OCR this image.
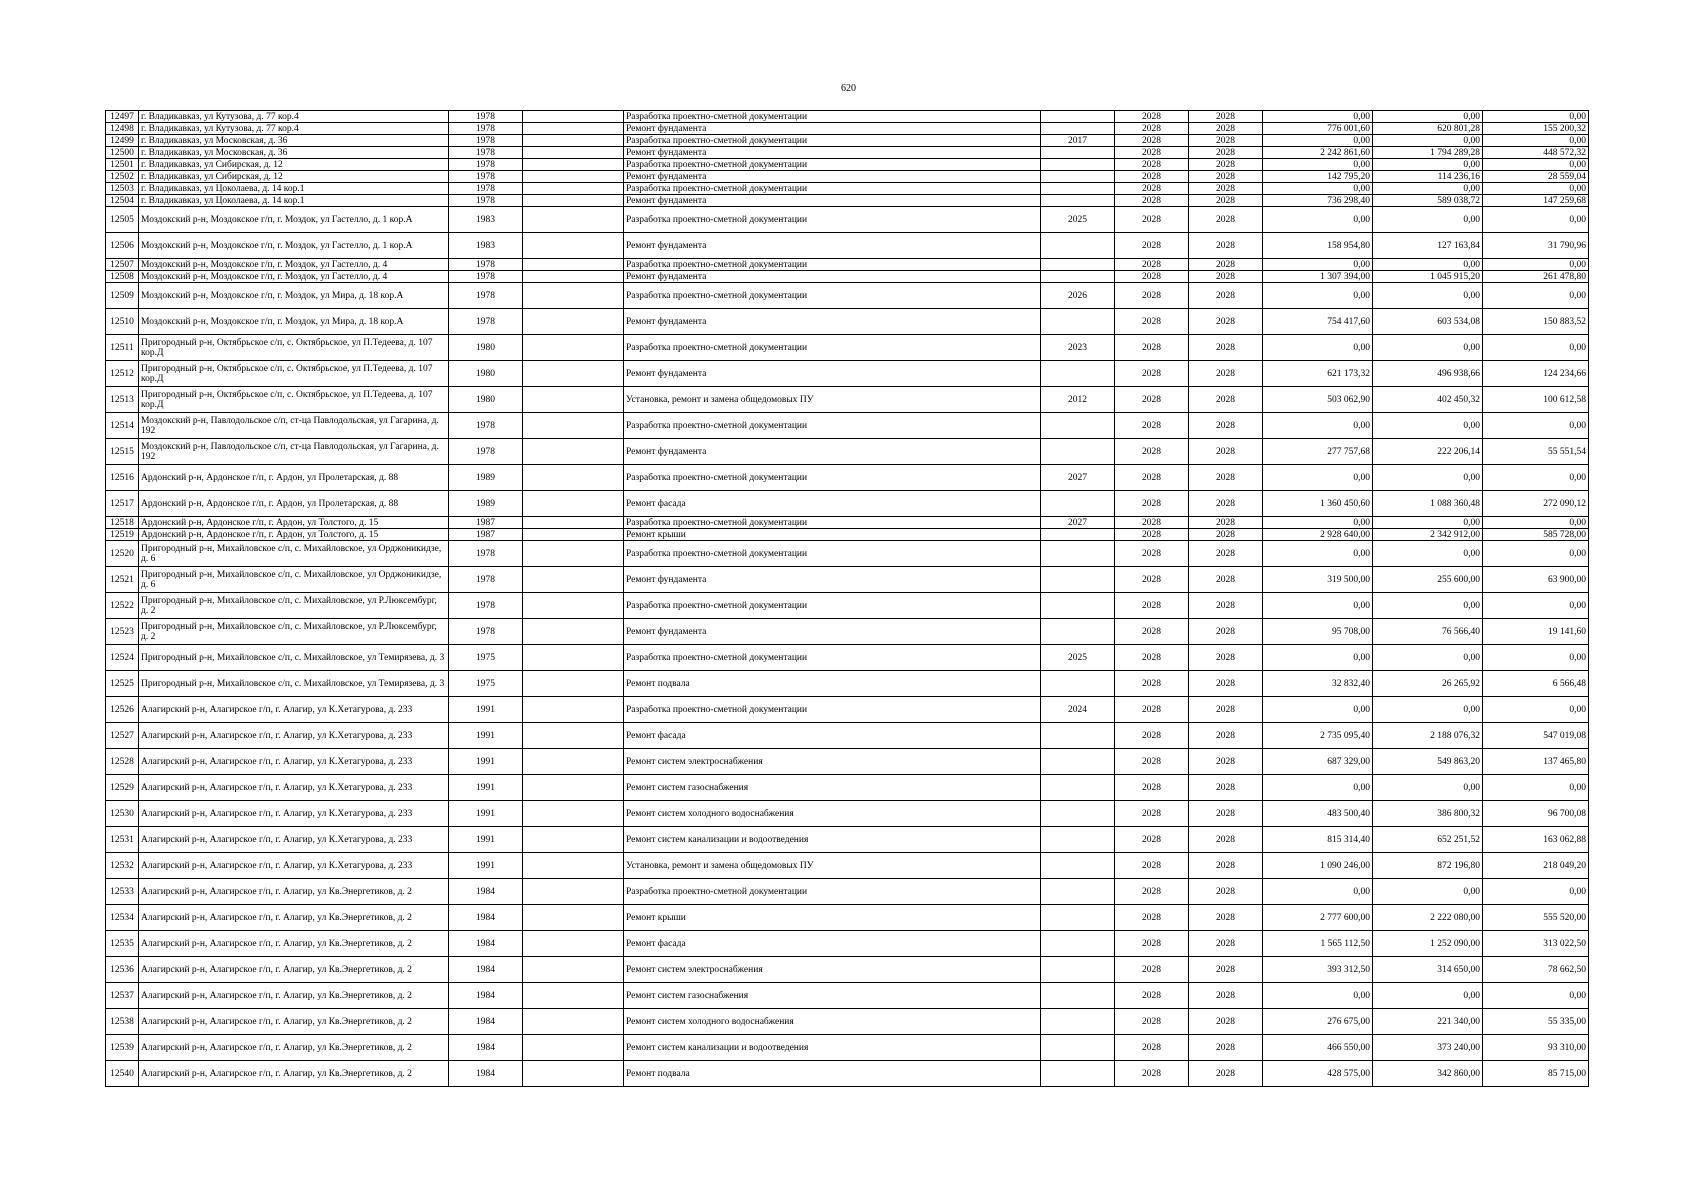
620
12497	г. Владикавказ, ул Кутузова, д. 77 кор.4	1978		Разработка проектно-сметной документации		2028	2028	0,00	0,00	0,00
12498	г. Владикавказ, ул Кутузова, д. 77 кор.4	1978		Ремонт фундамента		2028	2028	776 001,60	620 801,28	155 200,32
12499	г. Владикавказ, ул Московская, д. 36	1978		Разработка проектно-сметной документации	2017	2028	2028	0,00	0,00	0,00
12500	г. Владикавказ, ул Московская, д. 36	1978		Ремонт фундамента		2028	2028	2 242 861,60	1 794 289,28	448 572,32
12501	г. Владикавказ, ул Сибирская, д. 12	1978		Разработка проектно-сметной документации		2028	2028	0,00	0,00	0,00
12502	г. Владикавказ, ул Сибирская, д. 12	1978		Ремонт фундамента		2028	2028	142 795,20	114 236,16	28 559,04
12503	г. Владикавказ, ул Цоколаева, д. 14 кор.1	1978		Разработка проектно-сметной документации		2028	2028	0,00	0,00	0,00
12504	г. Владикавказ, ул Цоколаева, д. 14 кор.1	1978		Ремонт фундамента		2028	2028	736 298,40	589 038,72	147 259,68
12505	Моздокский р-н, Моздокское г/п, г. Моздок, ул Гастелло, д. 1 кор.А	1983		Разработка проектно-сметной документации	2025	2028	2028	0,00	0,00	0,00
12506	Моздокский р-н, Моздокское г/п, г. Моздок, ул Гастелло, д. 1 кор.А	1983		Ремонт фундамента		2028	2028	158 954,80	127 163,84	31 790,96
12507	Моздокский р-н, Моздокское г/п, г. Моздок, ул Гастелло, д. 4	1978		Разработка проектно-сметной документации		2028	2028	0,00	0,00	0,00
12508	Моздокский р-н, Моздокское г/п, г. Моздок, ул Гастелло, д. 4	1978		Ремонт фундамента		2028	2028	1 307 394,00	1 045 915,20	261 478,80
12509	Моздокский р-н, Моздокское г/п, г. Моздок, ул Мира, д. 18 кор.А	1978		Разработка проектно-сметной документации	2026	2028	2028	0,00	0,00	0,00
12510	Моздокский р-н, Моздокское г/п, г. Моздок, ул Мира, д. 18 кор.А	1978		Ремонт фундамента		2028	2028	754 417,60	603 534,08	150 883,52
12511	Пригородный р-н, Октябрьское с/п, с. Октябрьское, ул П.Тедеева, д. 107 кор.Д	1980		Разработка проектно-сметной документации	2023	2028	2028	0,00	0,00	0,00
12512	Пригородный р-н, Октябрьское с/п, с. Октябрьское, ул П.Тедеева, д. 107 кор.Д	1980		Ремонт фундамента		2028	2028	621 173,32	496 938,66	124 234,66
12513	Пригородный р-н, Октябрьское с/п, с. Октябрьское, ул П.Тедеева, д. 107 кор.Д	1980		Установка, ремонт и замена общедомовых ПУ	2012	2028	2028	503 062,90	402 450,32	100 612,58
12514	Моздокский р-н, Павлодольское с/п, ст-ца Павлодольская, ул Гагарина, д. 192	1978		Разработка проектно-сметной документации		2028	2028	0,00	0,00	0,00
12515	Моздокский р-н, Павлодольское с/п, ст-ца Павлодольская, ул Гагарина, д. 192	1978		Ремонт фундамента		2028	2028	277 757,68	222 206,14	55 551,54
12516	Ардонский р-н, Ардонское г/п, г. Ардон, ул Пролетарская, д. 88	1989		Разработка проектно-сметной документации	2027	2028	2028	0,00	0,00	0,00
12517	Ардонский р-н, Ардонское г/п, г. Ардон, ул Пролетарская, д. 88	1989		Ремонт фасада		2028	2028	1 360 450,60	1 088 360,48	272 090,12
12518	Ардонский р-н, Ардонское г/п, г. Ардон, ул Толстого, д. 15	1987		Разработка проектно-сметной документации	2027	2028	2028	0,00	0,00	0,00
12519	Ардонский р-н, Ардонское г/п, г. Ардон, ул Толстого, д. 15	1987		Ремонт крыши		2028	2028	2 928 640,00	2 342 912,00	585 728,00
12520	Пригородный р-н, Михайловское с/п, с. Михайловское, ул Орджоникидзе, д. 6	1978		Разработка проектно-сметной документации		2028	2028	0,00	0,00	0,00
12521	Пригородный р-н, Михайловское с/п, с. Михайловское, ул Орджоникидзе, д. 6	1978		Ремонт фундамента		2028	2028	319 500,00	255 600,00	63 900,00
12522	Пригородный р-н, Михайловское с/п, с. Михайловское, ул Р.Люксембург, д. 2	1978		Разработка проектно-сметной документации		2028	2028	0,00	0,00	0,00
12523	Пригородный р-н, Михайловское с/п, с. Михайловское, ул Р.Люксембург, д. 2	1978		Ремонт фундамента		2028	2028	95 708,00	76 566,40	19 141,60
12524	Пригородный р-н, Михайловское с/п, с. Михайловское, ул Темирязева, д. 3	1975		Разработка проектно-сметной документации	2025	2028	2028	0,00	0,00	0,00
12525	Пригородный р-н, Михайловское с/п, с. Михайловское, ул Темирязева, д. 3	1975		Ремонт подвала		2028	2028	32 832,40	26 265,92	6 566,48
12526	Алагирский р-н, Алагирское г/п, г. Алагир, ул К.Хетагурова, д. 233	1991		Разработка проектно-сметной документации	2024	2028	2028	0,00	0,00	0,00
12527	Алагирский р-н, Алагирское г/п, г. Алагир, ул К.Хетагурова, д. 233	1991		Ремонт фасада		2028	2028	2 735 095,40	2 188 076,32	547 019,08
12528	Алагирский р-н, Алагирское г/п, г. Алагир, ул К.Хетагурова, д. 233	1991		Ремонт систем электроснабжения		2028	2028	687 329,00	549 863,20	137 465,80
12529	Алагирский р-н, Алагирское г/п, г. Алагир, ул К.Хетагурова, д. 233	1991		Ремонт систем газоснабжения		2028	2028	0,00	0,00	0,00
12530	Алагирский р-н, Алагирское г/п, г. Алагир, ул К.Хетагурова, д. 233	1991		Ремонт систем холодного водоснабжения		2028	2028	483 500,40	386 800,32	96 700,08
12531	Алагирский р-н, Алагирское г/п, г. Алагир, ул К.Хетагурова, д. 233	1991		Ремонт систем канализации и водоотведения		2028	2028	815 314,40	652 251,52	163 062,88
12532	Алагирский р-н, Алагирское г/п, г. Алагир, ул К.Хетагурова, д. 233	1991		Установка, ремонт и замена общедомовых ПУ		2028	2028	1 090 246,00	872 196,80	218 049,20
12533	Алагирский р-н, Алагирское г/п, г. Алагир, ул Кв.Энергетиков, д. 2	1984		Разработка проектно-сметной документации		2028	2028	0,00	0,00	0,00
12534	Алагирский р-н, Алагирское г/п, г. Алагир, ул Кв.Энергетиков, д. 2	1984		Ремонт крыши		2028	2028	2 777 600,00	2 222 080,00	555 520,00
12535	Алагирский р-н, Алагирское г/п, г. Алагир, ул Кв.Энергетиков, д. 2	1984		Ремонт фасада		2028	2028	1 565 112,50	1 252 090,00	313 022,50
12536	Алагирский р-н, Алагирское г/п, г. Алагир, ул Кв.Энергетиков, д. 2	1984		Ремонт систем электроснабжения		2028	2028	393 312,50	314 650,00	78 662,50
12537	Алагирский р-н, Алагирское г/п, г. Алагир, ул Кв.Энергетиков, д. 2	1984		Ремонт систем газоснабжения		2028	2028	0,00	0,00	0,00
12538	Алагирский р-н, Алагирское г/п, г. Алагир, ул Кв.Энергетиков, д. 2	1984		Ремонт систем холодного водоснабжения		2028	2028	276 675,00	221 340,00	55 335,00
12539	Алагирский р-н, Алагирское г/п, г. Алагир, ул Кв.Энергетиков, д. 2	1984		Ремонт систем канализации и водоотведения		2028	2028	466 550,00	373 240,00	93 310,00
12540	Алагирский р-н, Алагирское г/п, г. Алагир, ул Кв.Энергетиков, д. 2	1984		Ремонт подвала		2028	2028	428 575,00	342 860,00	85 715,00
